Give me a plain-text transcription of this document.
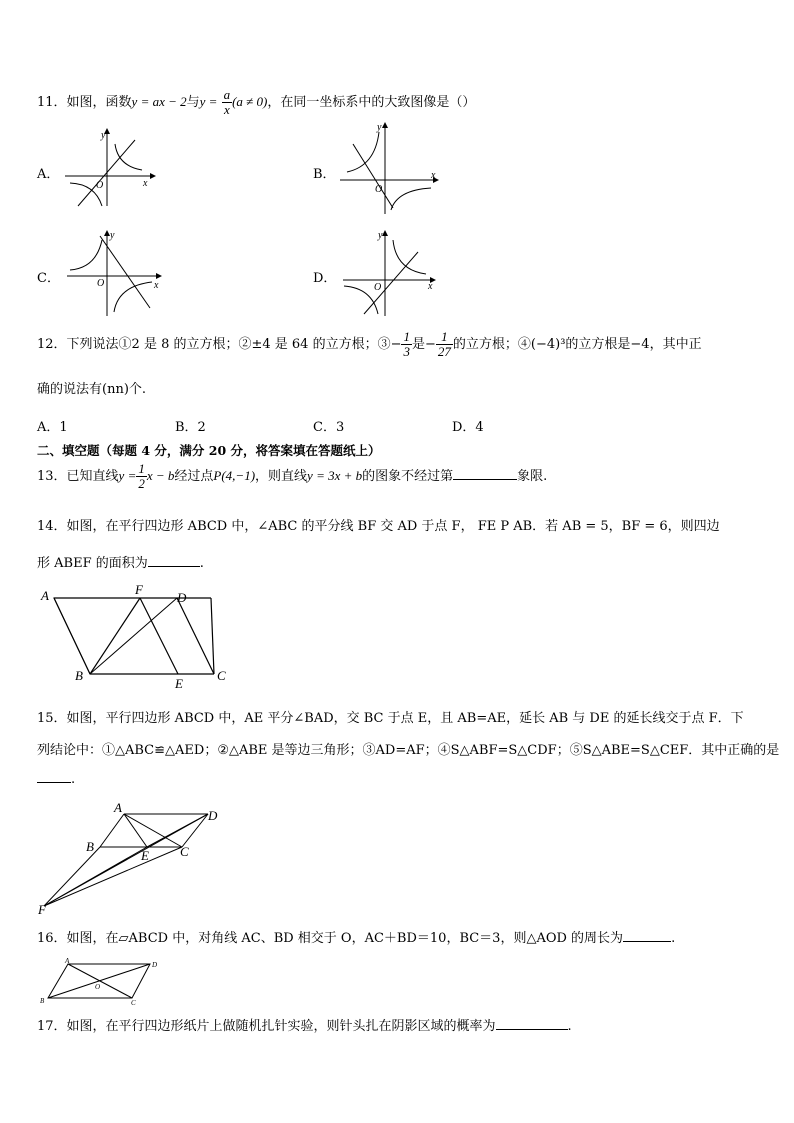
11．如图，函数y = ax − 2与$y = \frac{a}{x} (a \ne 0)$，在同一坐标系中的大致图像是（）
A．	B．
C．	D．
y
x
O
y
x
O
y
x
O
y
x
O
12．下列说法①2 是 8 的立方根；②±4 是 64 的立方根；③− $\frac{1}{3}$ 是− $\frac{1}{27}$ 的立方根；④(−4)³的立方根是−4，其中正
确的说法有(nn)个.
A．1	B．2	C．3	D．4
二、填空题（每题 4 分，满分 20 分，将答案填在答题纸上）
13．已知直线$y = \frac{1}{2}$ x − b经过点P(4,−1)，则直线y = 3x + b的图象不经过第	象限.
14．如图，在平行四边形 ABCD 中，∠ABC 的平分线 BF 交 AD 于点 F， FE P AB．若 AB = 5，BF = 6，则四边
形 ABEF 的面积为	.
A	F
D
B
E
C
15．如图，平行四边形 ABCD 中，AE 平分∠BAD，交 BC 于点 E，且 AB=AE，延长 AB 与 DE 的延长线交于点 F．下
列结论中：①△ABC≌△AED；②△ABE 是等边三角形；③AD=AF；④S△ABF=S△CDF；⑤S△ABE=S△CEF．其中正确的是
.
A
D
B
E C
F
16．如图，在▱ABCD 中，对角线 AC、BD 相交于 O，AC＋BD＝10，BC＝3，则△AOD 的周长为	.
A	D
B	C
O
17．如图，在平行四边形纸片上做随机扎针实验，则针头扎在阴影区域的概率为	.
